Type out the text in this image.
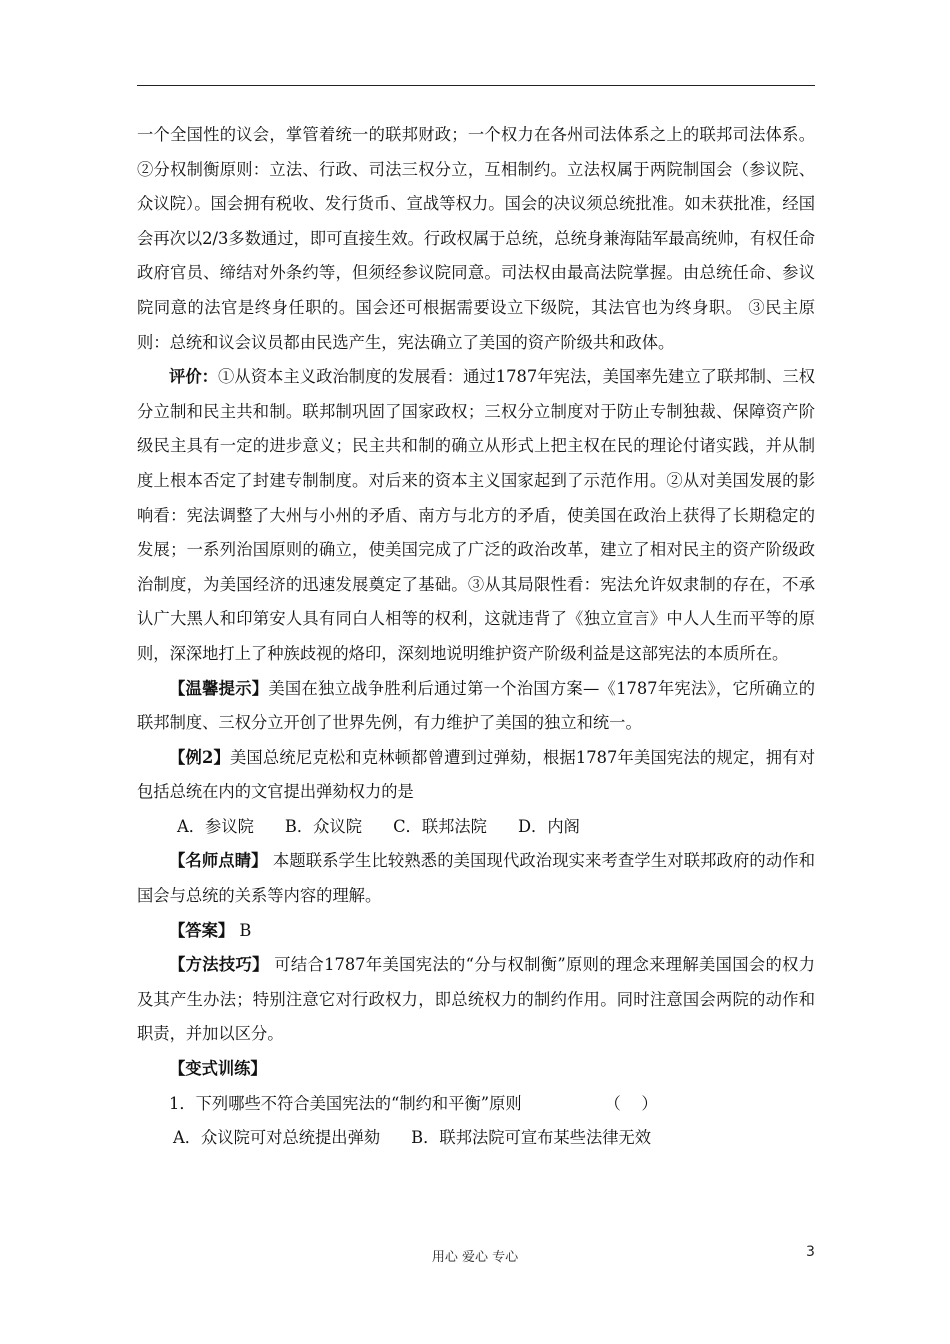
一个全国性的议会，掌管着统一的联邦财政；一个权力在各州司法体系之上的联邦司法体系。②分权制衡原则：立法、行政、司法三权分立，互相制约。立法权属于两院制国会（参议院、众议院）。国会拥有税收、发行货币、宣战等权力。国会的决议须总统批准。如未获批准，经国会再次以2/3多数通过，即可直接生效。行政权属于总统，总统身兼海陆军最高统帅，有权任命政府官员、缔结对外条约等，但须经参议院同意。司法权由最高法院掌握。由总统任命、参议院同意的法官是终身任职的。国会还可根据需要设立下级院，其法官也为终身职。 ③民主原则：总统和议会议员都由民选产生，宪法确立了美国的资产阶级共和政体。

评价：①从资本主义政治制度的发展看：通过1787年宪法，美国率先建立了联邦制、三权分立制和民主共和制。联邦制巩固了国家政权；三权分立制度对于防止专制独裁、保障资产阶级民主具有一定的进步意义；民主共和制的确立从形式上把主权在民的理论付诸实践，并从制度上根本否定了封建专制制度。对后来的资本主义国家起到了示范作用。②从对美国发展的影响看：宪法调整了大州与小州的矛盾、南方与北方的矛盾，使美国在政治上获得了长期稳定的发展；一系列治国原则的确立，使美国完成了广泛的政治改革，建立了相对民主的资产阶级政治制度，为美国经济的迅速发展奠定了基础。③从其局限性看：宪法允许奴隶制的存在，不承认广大黑人和印第安人具有同白人相等的权利，这就违背了《独立宣言》中人人生而平等的原则，深深地打上了种族歧视的烙印，深刻地说明维护资产阶级利益是这部宪法的本质所在。

【温馨提示】美国在独立战争胜利后通过第一个治国方案—《1787年宪法》，它所确立的联邦制度、三权分立开创了世界先例，有力维护了美国的独立和统一。

【例2】美国总统尼克松和克林顿都曾遭到过弹劾，根据1787年美国宪法的规定，拥有对包括总统在内的文官提出弹劾权力的是

A．参议院      B．众议院      C．联邦法院      D．内阁

【名师点睛】 本题联系学生比较熟悉的美国现代政治现实来考查学生对联邦政府的动作和国会与总统的关系等内容的理解。

【答案】 B

【方法技巧】 可结合1787年美国宪法的“分与权制衡”原则的理念来理解美国国会的权力及其产生办法；特别注意它对行政权力，即总统权力的制约作用。同时注意国会两院的动作和职责，并加以区分。

【变式训练】

1．下列哪些不符合美国宪法的“制约和平衡”原则                （    ）

A．众议院可对总统提出弹劾      B．联邦法院可宣布某些法律无效

用心 爱心 专心	3
